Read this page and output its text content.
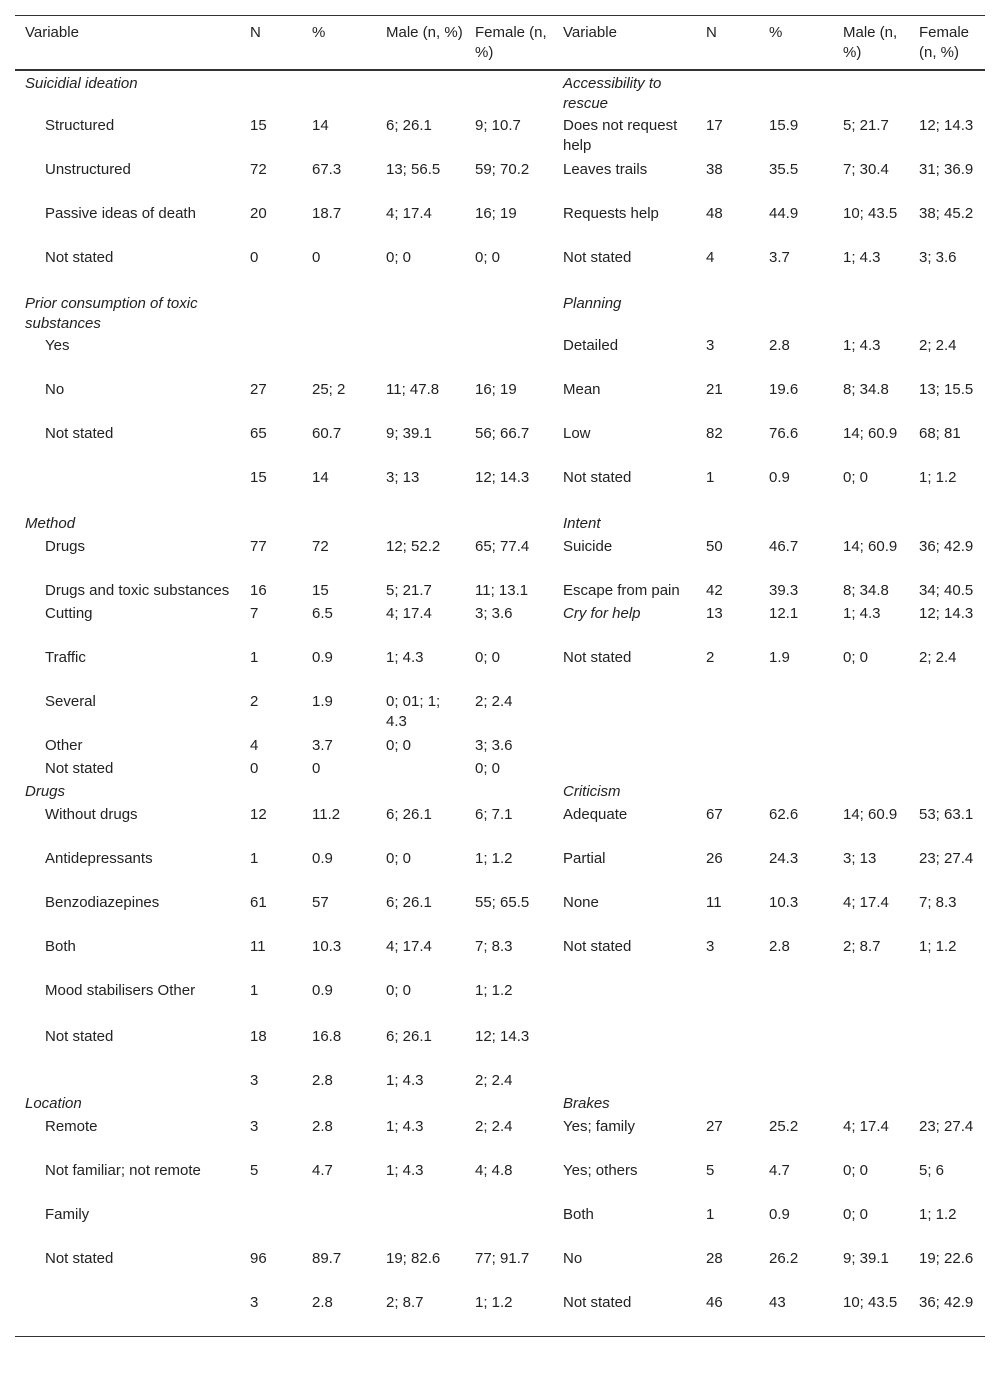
Variable	N	%	Male (n, %)	Female (n, %)	Variable	N	%	Male (n, %)	Female (n, %)
Suicidial ideation					Accessibility to rescue				
Structured	15	14	6; 26.1	9; 10.7	Does not request help	17	15.9	5; 21.7	12; 14.3
Unstructured	72	67.3	13; 56.5	59; 70.2	Leaves trails	38	35.5	7; 30.4	31; 36.9
Passive ideas of death	20	18.7	4; 17.4	16; 19	Requests help	48	44.9	10; 43.5	38; 45.2
Not stated	0	0	0; 0	0; 0	Not stated	4	3.7	1; 4.3	3; 3.6
Prior consumption of toxic substances					Planning				
Yes					Detailed	3	2.8	1; 4.3	2; 2.4
No	27	25; 2	11; 47.8	16; 19	Mean	21	19.6	8; 34.8	13; 15.5
Not stated	65	60.7	9; 39.1	56; 66.7	Low	82	76.6	14; 60.9	68; 81
	15	14	3; 13	12; 14.3	Not stated	1	0.9	0; 0	1; 1.2
Method					Intent				
Drugs	77	72	12; 52.2	65; 77.4	Suicide	50	46.7	14; 60.9	36; 42.9
Drugs and toxic substances	16	15	5; 21.7	11; 13.1	Escape from pain	42	39.3	8; 34.8	34; 40.5
Cutting	7	6.5	4; 17.4	3; 3.6	Cry for help	13	12.1	1; 4.3	12; 14.3
Traffic	1	0.9	1; 4.3	0; 0	Not stated	2	1.9	0; 0	2; 2.4
Several	2	1.9	0; 01; 1; 4.3	2; 2.4					
Other	4	3.7	0; 0	3; 3.6					
Not stated	0	0		0; 0					
Drugs					Criticism				
Without drugs	12	11.2	6; 26.1	6; 7.1	Adequate	67	62.6	14; 60.9	53; 63.1
Antidepressants	1	0.9	0; 0	1; 1.2	Partial	26	24.3	3; 13	23; 27.4
Benzodiazepines	61	57	6; 26.1	55; 65.5	None	11	10.3	4; 17.4	7; 8.3
Both	11	10.3	4; 17.4	7; 8.3	Not stated	3	2.8	2; 8.7	1; 1.2
Mood stabilisers Other	1	0.9	0; 0	1; 1.2					
Not stated	18	16.8	6; 26.1	12; 14.3					
	3	2.8	1; 4.3	2; 2.4					
Location					Brakes				
Remote	3	2.8	1; 4.3	2; 2.4	Yes; family	27	25.2	4; 17.4	23; 27.4
Not familiar; not remote	5	4.7	1; 4.3	4; 4.8	Yes; others	5	4.7	0; 0	5; 6
Family					Both	1	0.9	0; 0	1; 1.2
Not stated	96	89.7	19; 82.6	77; 91.7	No	28	26.2	9; 39.1	19; 22.6
	3	2.8	2; 8.7	1; 1.2	Not stated	46	43	10; 43.5	36; 42.9
